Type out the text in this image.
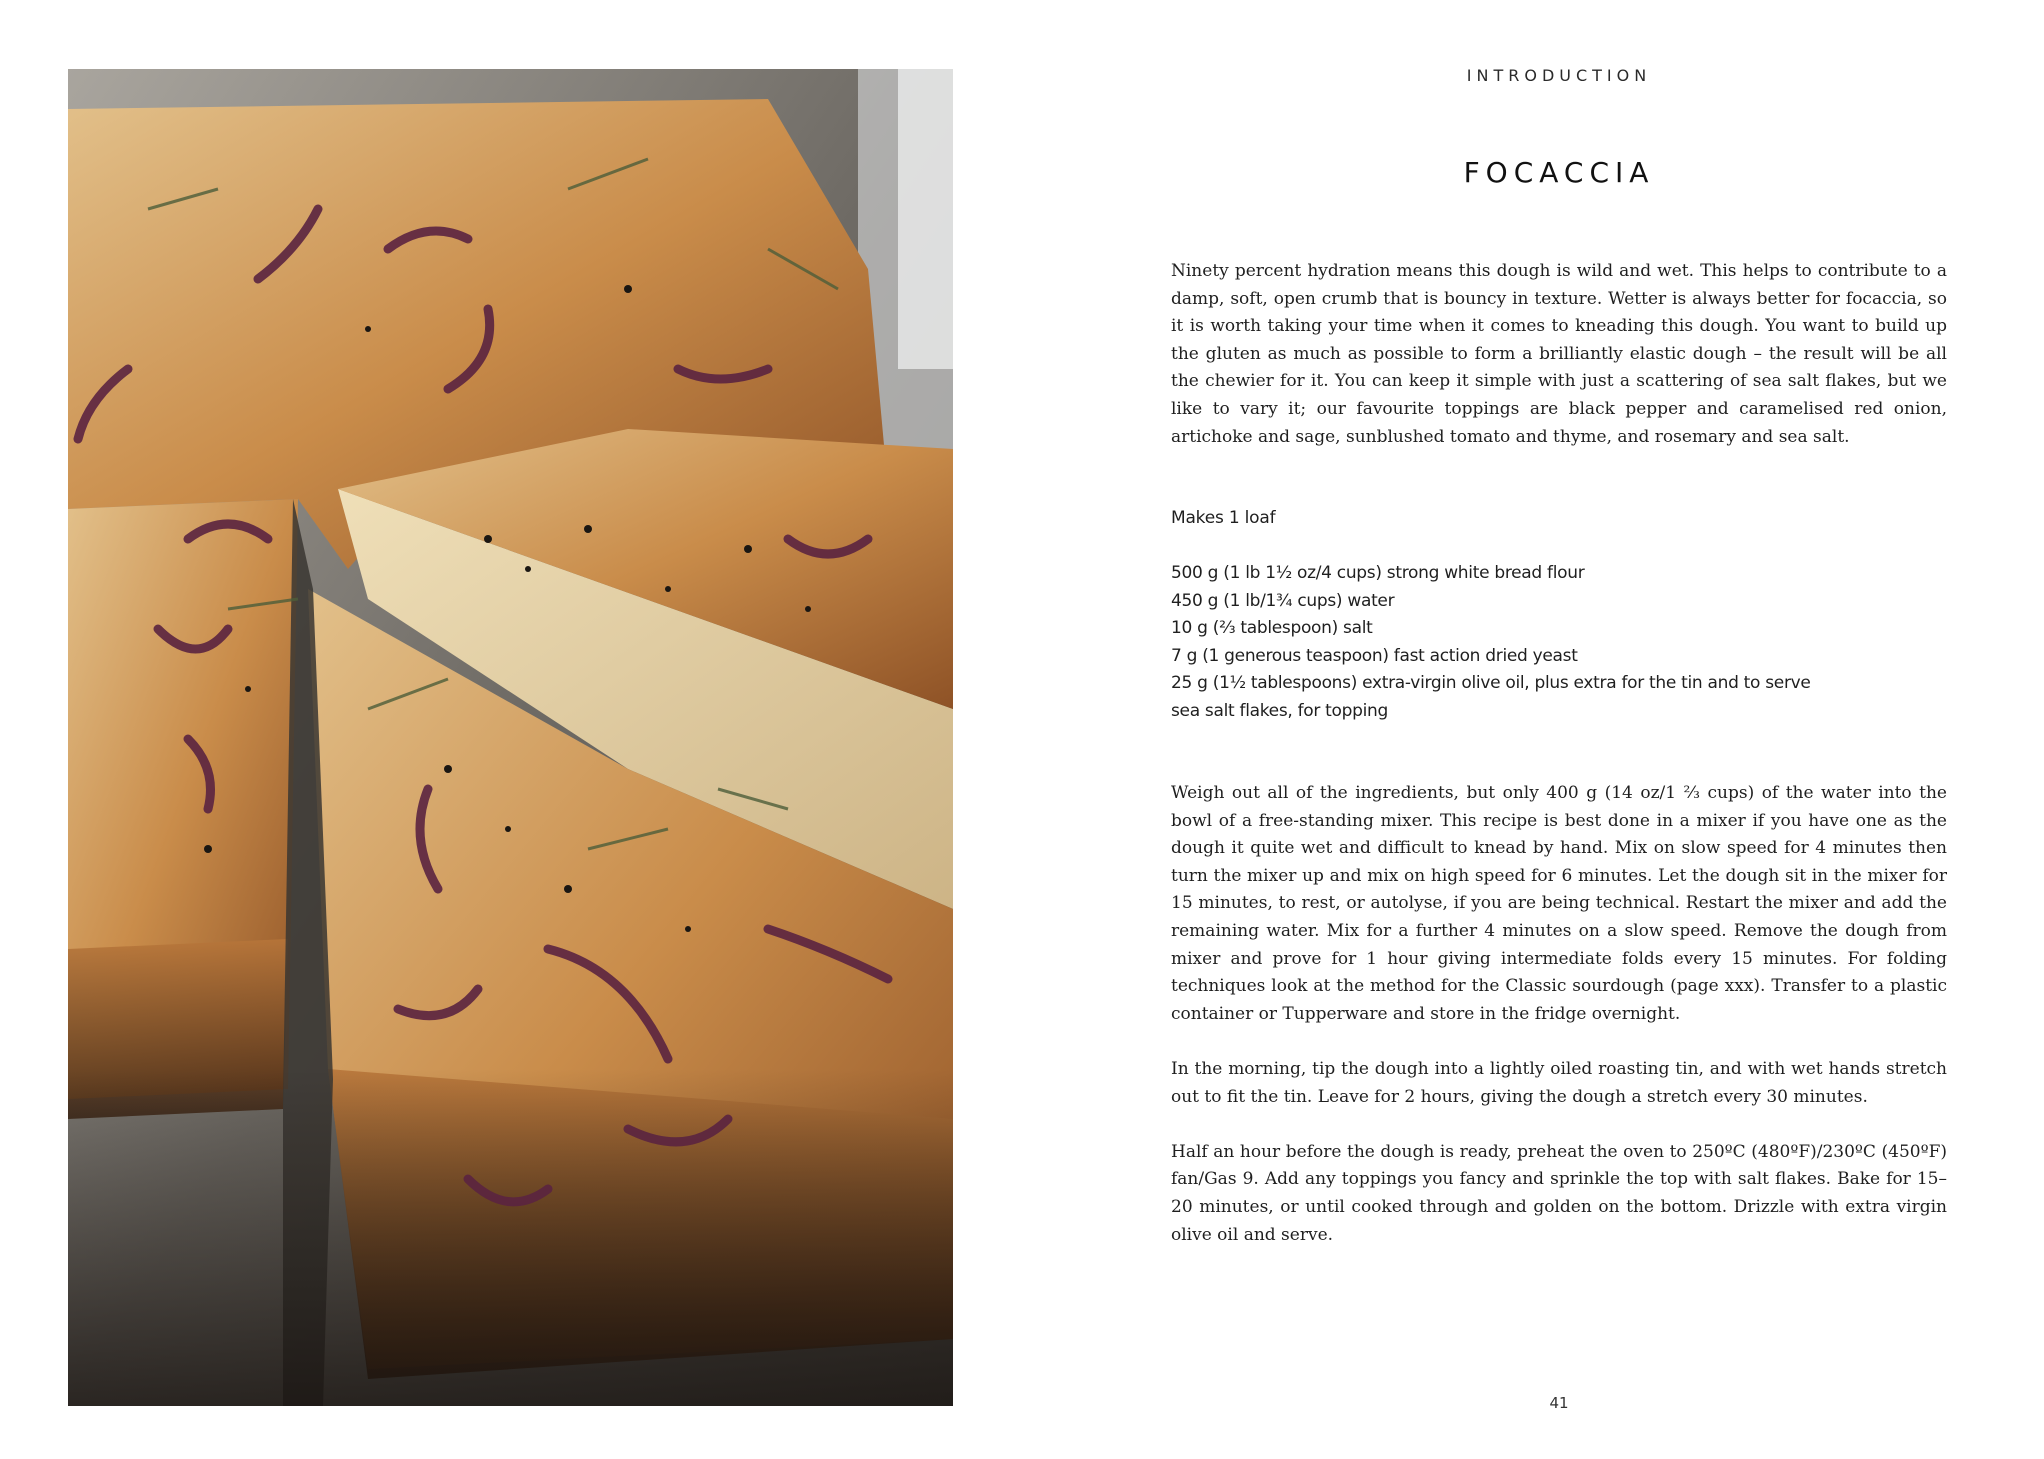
INTRODUCTION
FOCACCIA

Ninety percent hydration means this dough is wild and wet. This helps to contribute to a damp, soft, open crumb that is bouncy in texture. Wetter is always better for focaccia, so it is worth taking your time when it comes to kneading this dough. You want to build up the gluten as much as possible to form a brilliantly elastic dough – the result will be all the chewier for it. You can keep it simple with just a scattering of sea salt flakes, but we like to vary it; our favourite toppings are black pepper and caramelised red onion, artichoke and sage, sunblushed tomato and thyme, and rosemary and sea salt.

Makes 1 loaf

500 g (1 lb 1½ oz/4 cups) strong white bread flour
450 g (1 lb/1¾ cups) water
10 g (⅔ tablespoon) salt
7 g (1 generous teaspoon) fast action dried yeast
25 g (1½ tablespoons) extra-virgin olive oil, plus extra for the tin and to serve
sea salt flakes, for topping

Weigh out all of the ingredients, but only 400 g (14 oz/1 ⅔ cups) of the water into the bowl of a free-standing mixer. This recipe is best done in a mixer if you have one as the dough it quite wet and difficult to knead by hand. Mix on slow speed for 4 minutes then turn the mixer up and mix on high speed for 6 minutes. Let the dough sit in the mixer for 15 minutes, to rest, or autolyse, if you are being technical. Restart the mixer and add the remaining water. Mix for a further 4 minutes on a slow speed. Remove the dough from mixer and prove for 1 hour giving intermediate folds every 15 minutes. For folding techniques look at the method for the Classic sourdough (page xxx). Transfer to a plastic container or Tupperware and store in the fridge overnight.

In the morning, tip the dough into a lightly oiled roasting tin, and with wet hands stretch out to fit the tin. Leave for 2 hours, giving the dough a stretch every 30 minutes.

Half an hour before the dough is ready, preheat the oven to 250ºC (480ºF)/230ºC (450ºF) fan/Gas 9. Add any toppings you fancy and sprinkle the top with salt flakes. Bake for 15–20 minutes, or until cooked through and golden on the bottom. Drizzle with extra virgin olive oil and serve.

41
